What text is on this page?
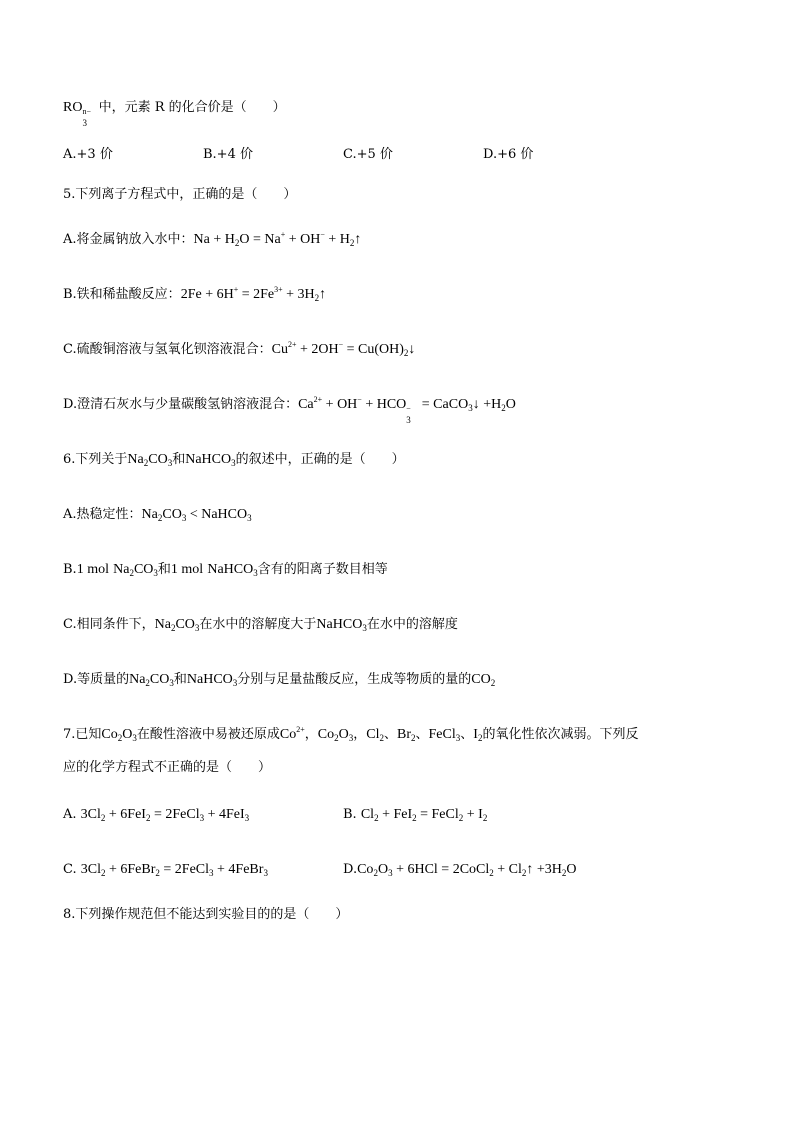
RO n−
3
中，元素 R 的化合价是（　　）
A.+3 价	B.+4 价	C.+5 价	D.+6 价
5.下列离子方程式中，正确的是（　　）
A.将金属钠放入水中：$Na + H_2O = Na^+ + OH^-$ + $H_2↑$
B.铁和稀盐酸反应：$2Fe + 6H^+ = 2Fe^{3+}$ + $3H_2↑$
C.硫酸铜溶液与氢氧化钡溶液混合：$Cu^{2+} + 2OH^-$ = $Cu(OH)_2↓$
D.澄清石灰水与少量碳酸氢钠溶液混合：$Ca^{2+} + OH^-$ + HCO −
3
= CaCO$_3$↓ $+H_2O$
6.下列关于$Na_2CO_3$和NaHCO$_3$的叙述中，正确的是（　　）
A.热稳定性：$Na_2CO_3$ < NaHCO$_3$
B.1 mol $Na_2CO_3$和1 mol NaHCO$_3$含有的阳离子数目相等
C.相同条件下，$Na_2CO_3$在水中的溶解度大于NaHCO$_3$在水中的溶解度
D.等质量的$Na_2CO_3$和NaHCO$_3$分别与足量盐酸反应，生成等物质的量的$CO_2$
7.已知$Co_2O_3$在酸性溶液中易被还原成$Co^{2+}$，$Co_2O_3$，$Cl_2$、$Br_2$、FeCl$_3$、$I_2$的氧化性依次减弱。下列反
应的化学方程式不正确的是（　　）
A. $3Cl_2 + 6FeI_2$ = 2FeCl$_3$ + 4FeI$_3$	B. $Cl_2 + FeI_2$ = FeCl$_2$ + $I_2$
C. $3Cl_2$ + 6FeBr$_2$ = 2FeCl$_3$ + 4FeBr$_3$	$D.Co_2O_3 + 6HCl$ = 2CoCl$_2$ + $Cl_2↑ +3H_2O$
8.下列操作规范但不能达到实验目的的是（　　）
